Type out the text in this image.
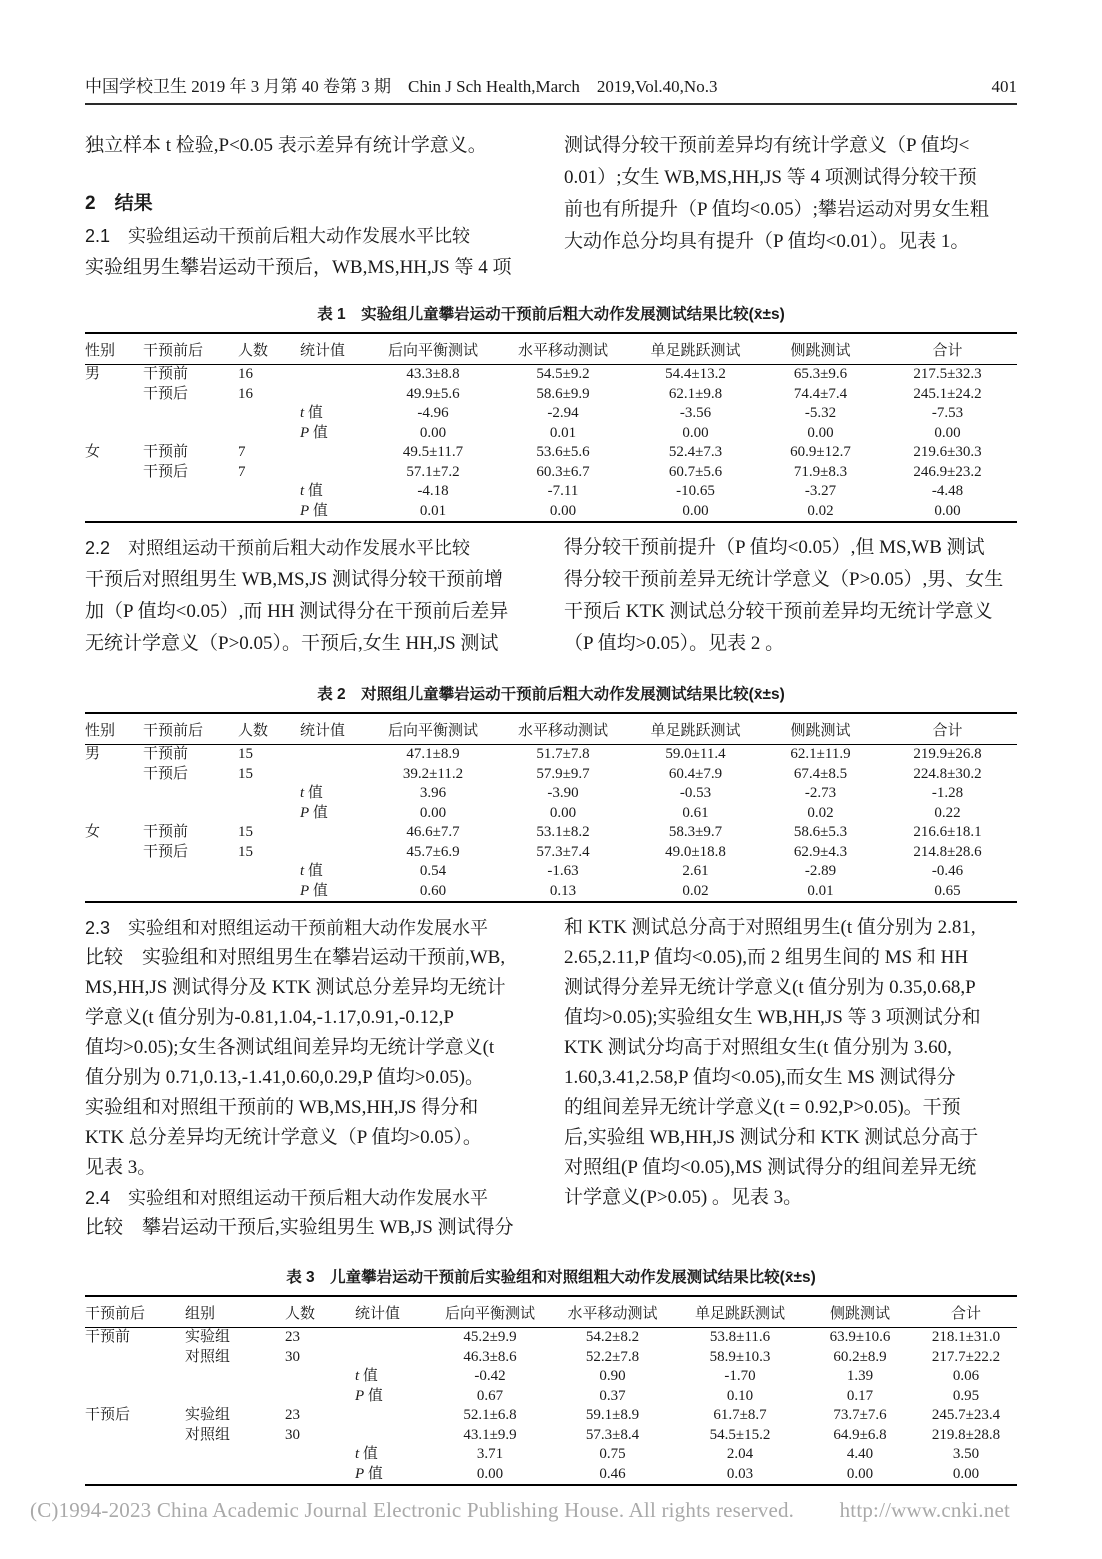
中国学校卫生 2019 年 3 月第 40 卷第 3 期　Chin J Sch Health,March　2019,Vol.40,No.3	401
独立样本 t 检验,P<0.05 表示差异有统计学意义。
2　结果
2.1　实验组运动干预前后粗大动作发展水平比较
实验组男生攀岩运动干预后，WB,MS,HH,JS 等 4 项
测试得分较干预前差异均有统计学意义（P 值均<
0.01）;女生 WB,MS,HH,JS 等 4 项测试得分较干预
前也有所提升（P 值均<0.05）;攀岩运动对男女生粗
大动作总分均具有提升（P 值均<0.01）。见表 1。
表 1　实验组儿童攀岩运动干预前后粗大动作发展测试结果比较(x̄±s)
性别	干预前后	人数	统计值	后向平衡测试	水平移动测试	单足跳跃测试	侧跳测试	合计
男	干预前	16		43.3±8.8	54.5±9.2	54.4±13.2	65.3±9.6	217.5±32.3
	干预后	16		49.9±5.6	58.6±9.9	62.1±9.8	74.4±7.4	245.1±24.2
			t 值	-4.96	-2.94	-3.56	-5.32	-7.53
			P 值	0.00	0.01	0.00	0.00	0.00
女	干预前	7		49.5±11.7	53.6±5.6	52.4±7.3	60.9±12.7	219.6±30.3
	干预后	7		57.1±7.2	60.3±6.7	60.7±5.6	71.9±8.3	246.9±23.2
			t 值	-4.18	-7.11	-10.65	-3.27	-4.48
			P 值	0.01	0.00	0.00	0.02	0.00
2.2　对照组运动干预前后粗大动作发展水平比较
干预后对照组男生 WB,MS,JS 测试得分较干预前增
加（P 值均<0.05）,而 HH 测试得分在干预前后差异
无统计学意义（P>0.05）。干预后,女生 HH,JS 测试
得分较干预前提升（P 值均<0.05）,但 MS,WB 测试
得分较干预前差异无统计学意义（P>0.05）,男、女生
干预后 KTK 测试总分较干预前差异均无统计学意义
（P 值均>0.05）。见表 2 。
表 2　对照组儿童攀岩运动干预前后粗大动作发展测试结果比较(x̄±s)
性别	干预前后	人数	统计值	后向平衡测试	水平移动测试	单足跳跃测试	侧跳测试	合计
男	干预前	15		47.1±8.9	51.7±7.8	59.0±11.4	62.1±11.9	219.9±26.8
	干预后	15		39.2±11.2	57.9±9.7	60.4±7.9	67.4±8.5	224.8±30.2
			t 值	3.96	-3.90	-0.53	-2.73	-1.28
			P 值	0.00	0.00	0.61	0.02	0.22
女	干预前	15		46.6±7.7	53.1±8.2	58.3±9.7	58.6±5.3	216.6±18.1
	干预后	15		45.7±6.9	57.3±7.4	49.0±18.8	62.9±4.3	214.8±28.6
			t 值	0.54	-1.63	2.61	-2.89	-0.46
			P 值	0.60	0.13	0.02	0.01	0.65
2.3　实验组和对照组运动干预前粗大动作发展水平
比较　实验组和对照组男生在攀岩运动干预前,WB,
MS,HH,JS 测试得分及 KTK 测试总分差异均无统计
学意义(t 值分别为-0.81,1.04,-1.17,0.91,-0.12,P
值均>0.05);女生各测试组间差异均无统计学意义(t
值分别为 0.71,0.13,-1.41,0.60,0.29,P 值均>0.05)。
实验组和对照组干预前的 WB,MS,HH,JS 得分和
KTK 总分差异均无统计学意义（P 值均>0.05）。
见表 3。
2.4　实验组和对照组运动干预后粗大动作发展水平
比较　攀岩运动干预后,实验组男生 WB,JS 测试得分
和 KTK 测试总分高于对照组男生(t 值分别为 2.81,
2.65,2.11,P 值均<0.05),而 2 组男生间的 MS 和 HH
测试得分差异无统计学意义(t 值分别为 0.35,0.68,P
值均>0.05);实验组女生 WB,HH,JS 等 3 项测试分和
KTK 测试分均高于对照组女生(t 值分别为 3.60,
1.60,3.41,2.58,P 值均<0.05),而女生 MS 测试得分
的组间差异无统计学意义(t = 0.92,P>0.05)。干预
后,实验组 WB,HH,JS 测试分和 KTK 测试总分高于
对照组(P 值均<0.05),MS 测试得分的组间差异无统
计学意义(P>0.05) 。见表 3。
表 3　儿童攀岩运动干预前后实验组和对照组粗大动作发展测试结果比较(x̄±s)
干预前后	组别	人数	统计值	后向平衡测试	水平移动测试	单足跳跃测试	侧跳测试	合计
干预前	实验组	23		45.2±9.9	54.2±8.2	53.8±11.6	63.9±10.6	218.1±31.0
	对照组	30		46.3±8.6	52.2±7.8	58.9±10.3	60.2±8.9	217.7±22.2
			t 值	-0.42	0.90	-1.70	1.39	0.06
			P 值	0.67	0.37	0.10	0.17	0.95
干预后	实验组	23		52.1±6.8	59.1±8.9	61.7±8.7	73.7±7.6	245.7±23.4
	对照组	30		43.1±9.9	57.3±8.4	54.5±15.2	64.9±6.8	219.8±28.8
			t 值	3.71	0.75	2.04	4.40	3.50
			P 值	0.00	0.46	0.03	0.00	0.00
(C)1994-2023 China Academic Journal Electronic Publishing House. All rights reserved. http://www.cnki.net
